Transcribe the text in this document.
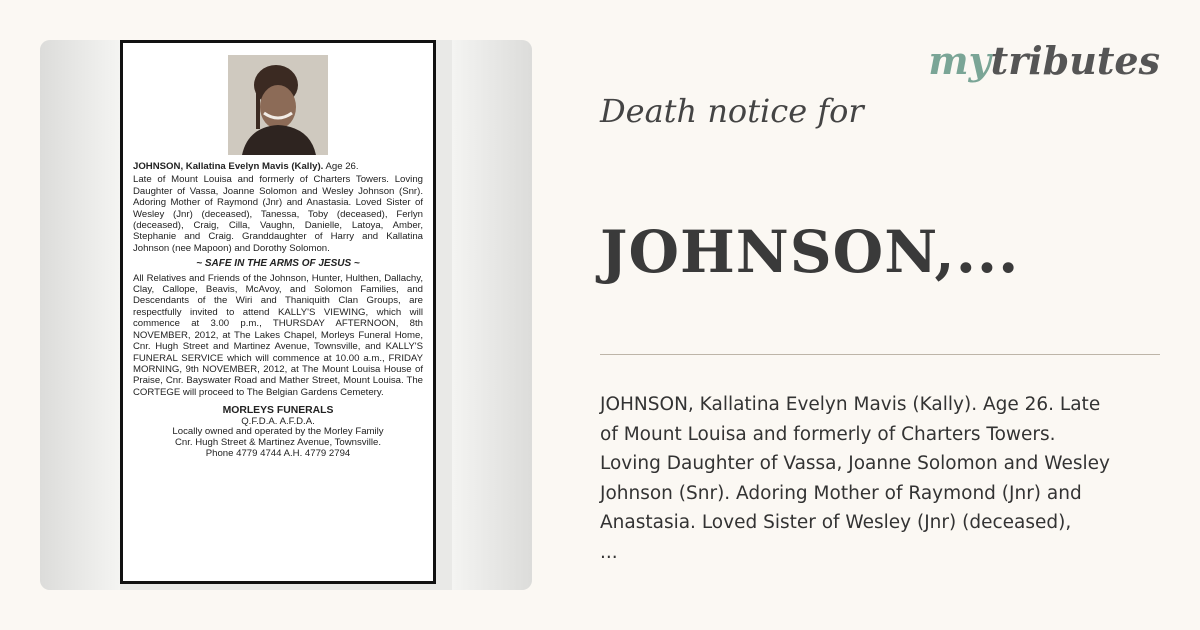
mytributes
JOHNSON, Kallatina Evelyn Mavis (Kally). Age 26.

Late of Mount Louisa and formerly of Charters Towers. Loving Daughter of Vassa, Joanne Solomon and Wesley Johnson (Snr). Adoring Mother of Raymond (Jnr) and Anastasia. Loved Sister of Wesley (Jnr) (deceased), Tanessa, Toby (deceased), Ferlyn (deceased), Craig, Cilla, Vaughn, Danielle, Latoya, Amber, Stephanie and Craig. Granddaughter of Harry and Kallatina Johnson (nee Mapoon) and Dorothy Solomon.

~ SAFE IN THE ARMS OF JESUS ~

All Relatives and Friends of the Johnson, Hunter, Hulthen, Dallachy, Clay, Callope, Beavis, McAvoy, and Solomon Families, and Descendants of the Wiri and Thaniquith Clan Groups, are respectfully invited to attend KALLY'S VIEWING, which will commence at 3.00 p.m., THURSDAY AFTERNOON, 8th NOVEMBER, 2012, at The Lakes Chapel, Morleys Funeral Home, Cnr. Hugh Street and Martinez Avenue, Townsville, and KALLY'S FUNERAL SERVICE which will commence at 10.00 a.m., FRIDAY MORNING, 9th NOVEMBER, 2012, at The Mount Louisa House of Praise, Cnr. Bayswater Road and Mather Street, Mount Louisa. The CORTEGE will proceed to The Belgian Gardens Cemetery.

MORLEYS FUNERALS
Q.F.D.A. A.F.D.A.
Locally owned and operated by the Morley Family
Cnr. Hugh Street & Martinez Avenue, Townsville.
Phone 4779 4744 A.H. 4779 2794
Death notice for
JOHNSON,...
JOHNSON, Kallatina Evelyn Mavis (Kally). Age 26. Late
of Mount Louisa and formerly of Charters Towers.
Loving Daughter of Vassa, Joanne Solomon and Wesley
Johnson (Snr). Adoring Mother of Raymond (Jnr) and
Anastasia. Loved Sister of Wesley (Jnr) (deceased),
...
